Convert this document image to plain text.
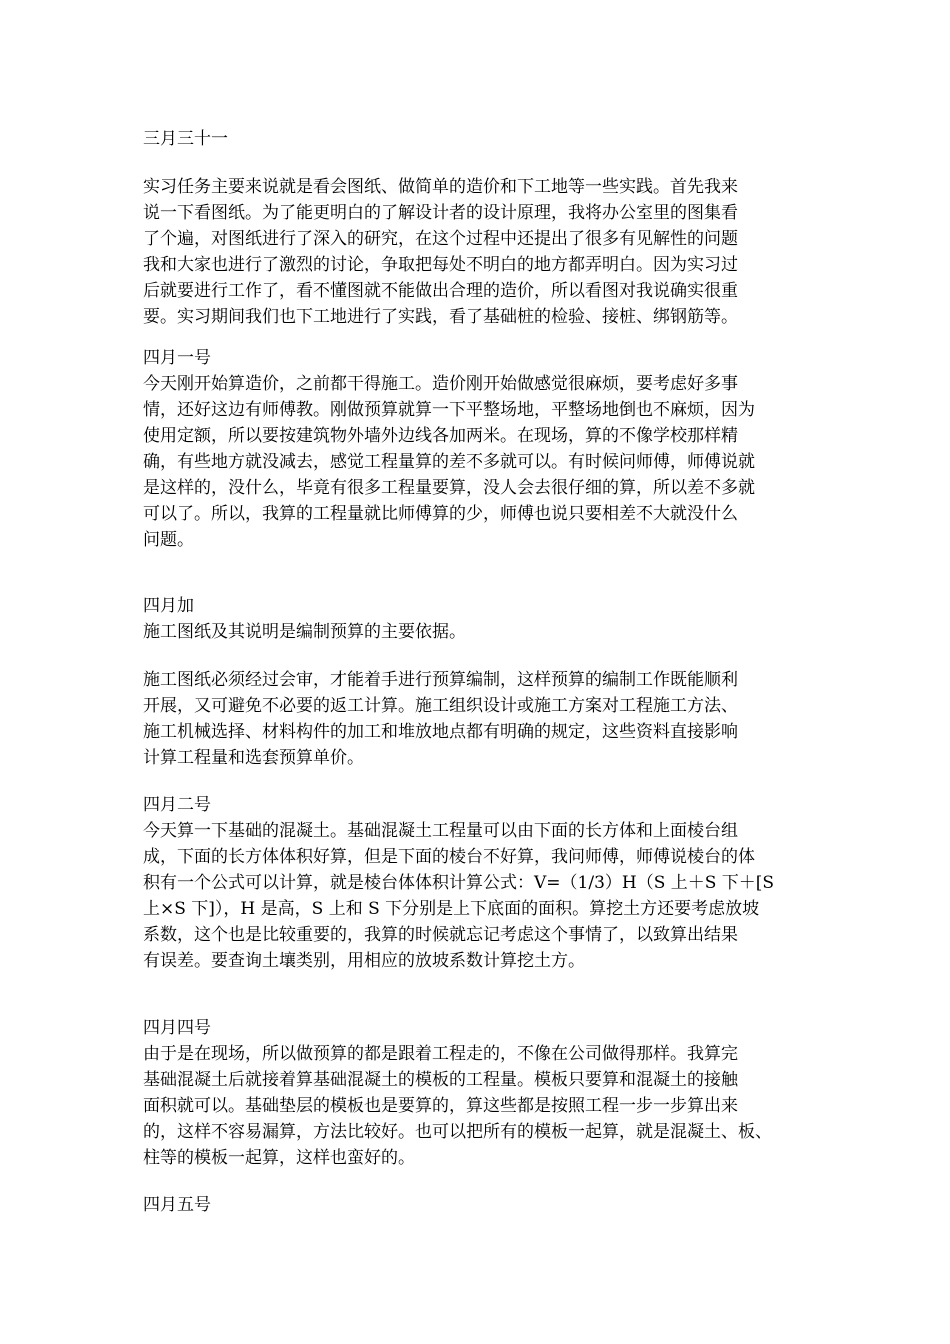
三月三十一
实习任务主要来说就是看会图纸、做简单的造价和下工地等一些实践。首先我来
说一下看图纸。为了能更明白的了解设计者的设计原理，我将办公室里的图集看
了个遍，对图纸进行了深入的研究，在这个过程中还提出了很多有见解性的问题
我和大家也进行了激烈的讨论，争取把每处不明白的地方都弄明白。因为实习过
后就要进行工作了，看不懂图就不能做出合理的造价，所以看图对我说确实很重
要。实习期间我们也下工地进行了实践，看了基础桩的检验、接桩、绑钢筋等。
四月一号
今天刚开始算造价，之前都干得施工。造价刚开始做感觉很麻烦，要考虑好多事
情，还好这边有师傅教。刚做预算就算一下平整场地，平整场地倒也不麻烦，因为
使用定额，所以要按建筑物外墙外边线各加两米。在现场，算的不像学校那样精
确，有些地方就没减去，感觉工程量算的差不多就可以。有时候问师傅，师傅说就
是这样的，没什么，毕竟有很多工程量要算，没人会去很仔细的算，所以差不多就
可以了。所以，我算的工程量就比师傅算的少，师傅也说只要相差不大就没什么
问题。
四月加
施工图纸及其说明是编制预算的主要依据。
施工图纸必须经过会审，才能着手进行预算编制，这样预算的编制工作既能顺利
开展，又可避免不必要的返工计算。施工组织设计或施工方案对工程施工方法、
施工机械选择、材料构件的加工和堆放地点都有明确的规定，这些资料直接影响
计算工程量和选套预算单价。
四月二号
今天算一下基础的混凝土。基础混凝土工程量可以由下面的长方体和上面棱台组
成，下面的长方体体积好算，但是下面的棱台不好算，我问师傅，师傅说棱台的体
积有一个公式可以计算，就是棱台体体积计算公式：V=（1/3）H（S 上＋S 下＋[S
上×S 下]），H 是高，S 上和 S 下分别是上下底面的面积。算挖土方还要考虑放坡
系数，这个也是比较重要的，我算的时候就忘记考虑这个事情了，以致算出结果
有误差。要查询土壤类别，用相应的放坡系数计算挖土方。
四月四号
由于是在现场，所以做预算的都是跟着工程走的，不像在公司做得那样。我算完
基础混凝土后就接着算基础混凝土的模板的工程量。模板只要算和混凝土的接触
面积就可以。基础垫层的模板也是要算的，算这些都是按照工程一步一步算出来
的，这样不容易漏算，方法比较好。也可以把所有的模板一起算，就是混凝土、板、
柱等的模板一起算，这样也蛮好的。
四月五号
